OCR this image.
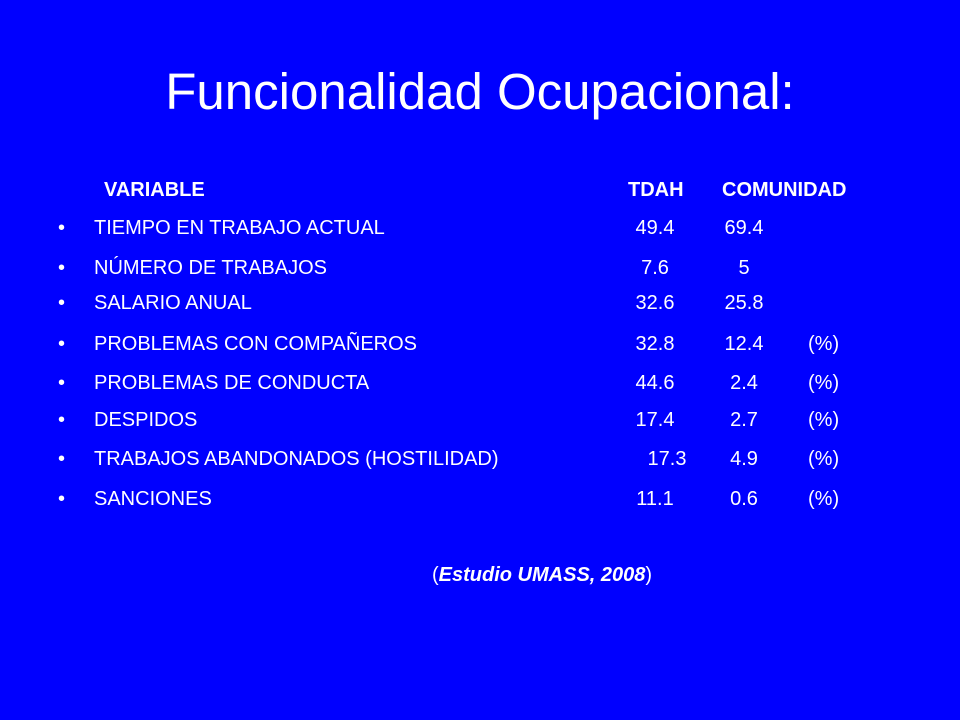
Funcionalidad Ocupacional:
VARIABLE	TDAH COMUNIDAD
• TIEMPO EN TRABAJO ACTUAL	49.4	69.4
• NÚMERO DE TRABAJOS	7.6	5
• SALARIO ANUAL	32.6	25.8
• PROBLEMAS CON COMPAÑEROS	32.8	12.4	(%)
• PROBLEMAS DE CONDUCTA	44.6	2.4	(%)
• DESPIDOS	17.4	2.7	(%)
• TRABAJOS ABANDONADOS (HOSTILIDAD)	17.3	4.9	(%)
• SANCIONES	11.1	0.6	(%)
(Estudio UMASS, 2008)
